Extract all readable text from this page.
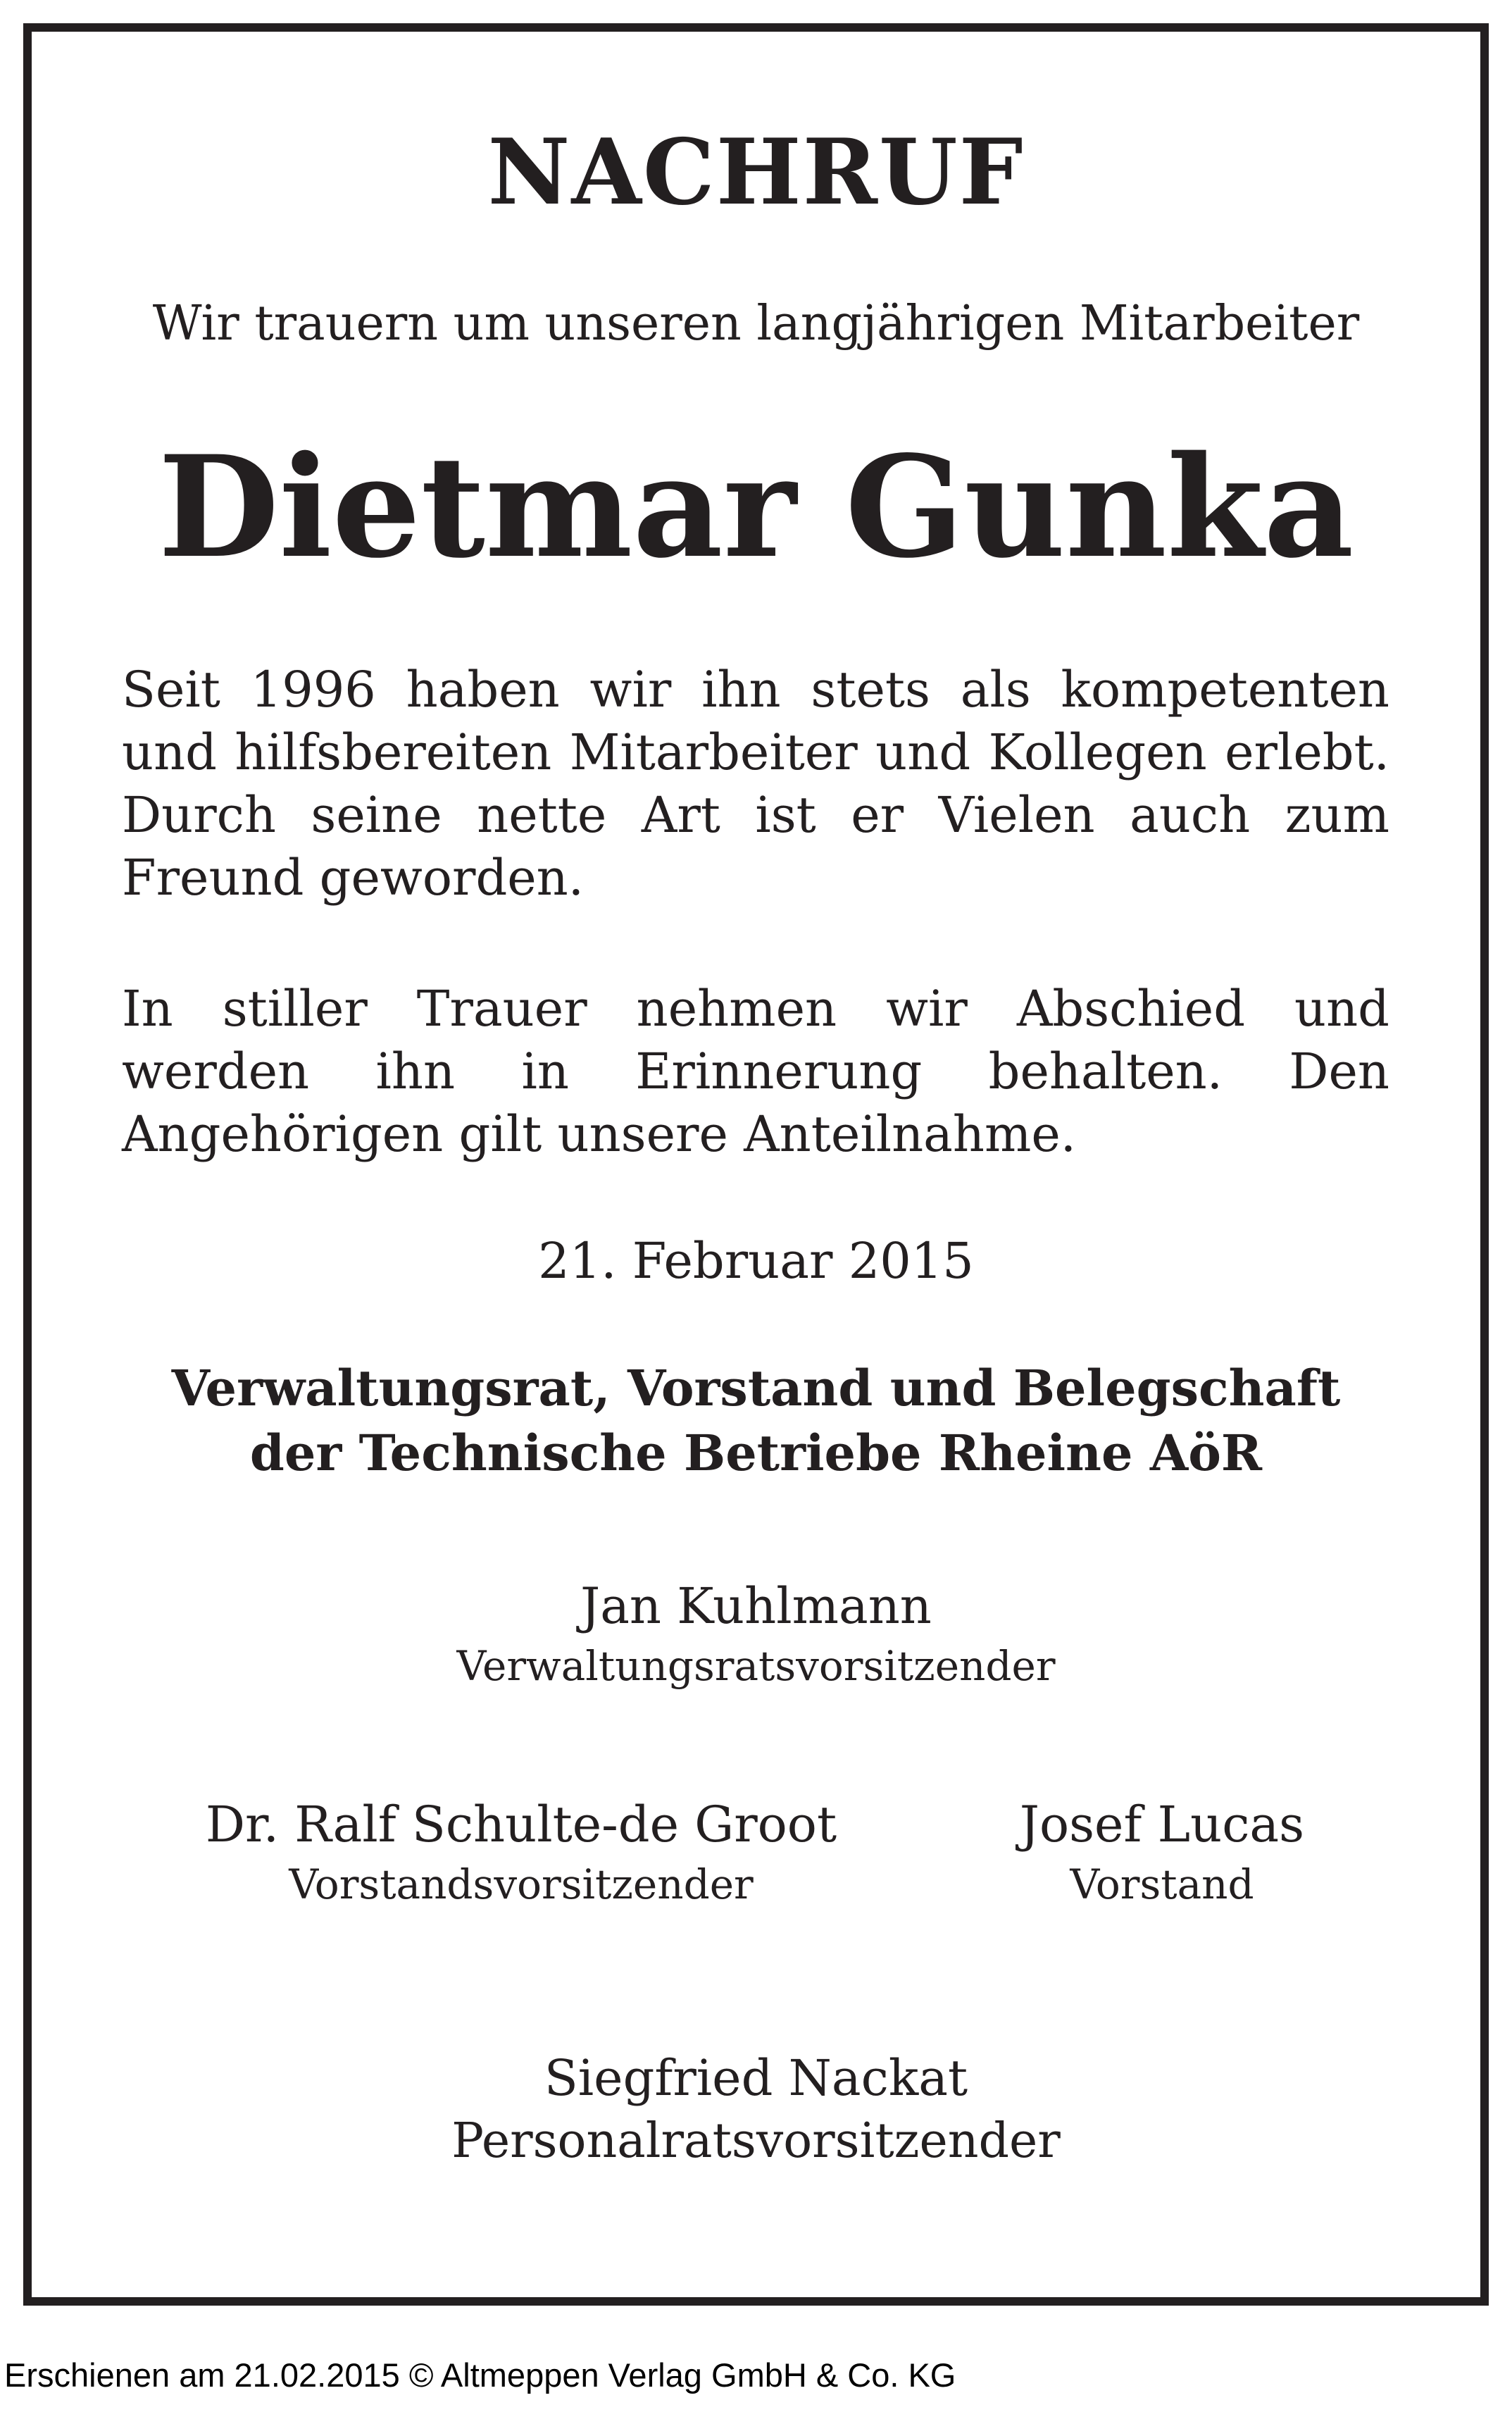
NACHRUF
Wir trauern um unseren langjährigen Mitarbeiter
Dietmar Gunka
Seit 1996 haben wir ihn stets als kompetenten und hilfsbereiten Mitarbeiter und Kollegen erlebt. Durch seine nette Art ist er Vielen auch zum Freund geworden.
In stiller Trauer nehmen wir Abschied und werden ihn in Erinnerung behalten. Den Angehörigen gilt unsere Anteilnahme.
21. Februar 2015
Verwaltungsrat, Vorstand und Belegschaft
der Technische Betriebe Rheine AöR
Jan Kuhlmann
Verwaltungsratsvorsitzender
Dr. Ralf Schulte-de Groot
Vorstandsvorsitzender
Josef Lucas
Vorstand
Siegfried Nackat
Personalratsvorsitzender
Erschienen am 21.02.2015 © Altmeppen Verlag GmbH & Co. KG
